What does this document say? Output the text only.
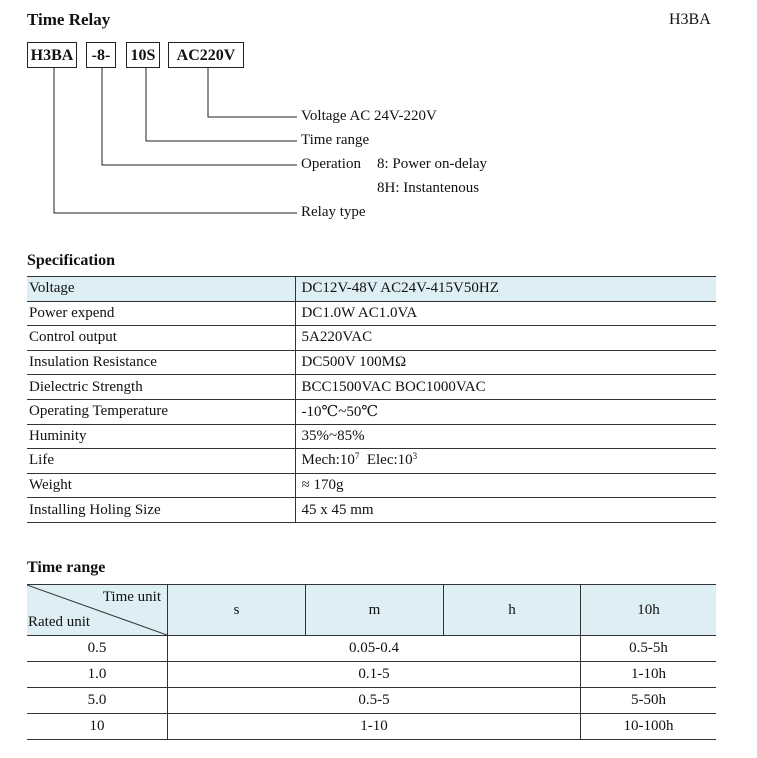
Time Relay	H3BA
H3BA	-8-	10S	AC220V
Voltage AC 24V-220V
Time range
Operation 8: Power on-delay
8H: Instantenous
Relay type
Specification
Voltage	DC12V-48V AC24V-415V50HZ
Power expend	DC1.0W AC1.0VA
Control output	5A220VAC
Insulation Resistance	DC500V 100MΩ
Dielectric Strength	BCC1500VAC BOC1000VAC
Operating Temperature	-10℃~50℃
Huminity	35%~85%
Life	$Mech:10^7$ $Elec:10^3$
Weight	≈ 170g
Installing Holing Size	45 x 45 mm
Time range
Time unit
Rated unit	s	m	h	10h
0.5	0.05-0.4			0.5-5h
1.0	0.1-5			1-10h
5.0	0.5-5			5-50h
10	1-10			10-100h
